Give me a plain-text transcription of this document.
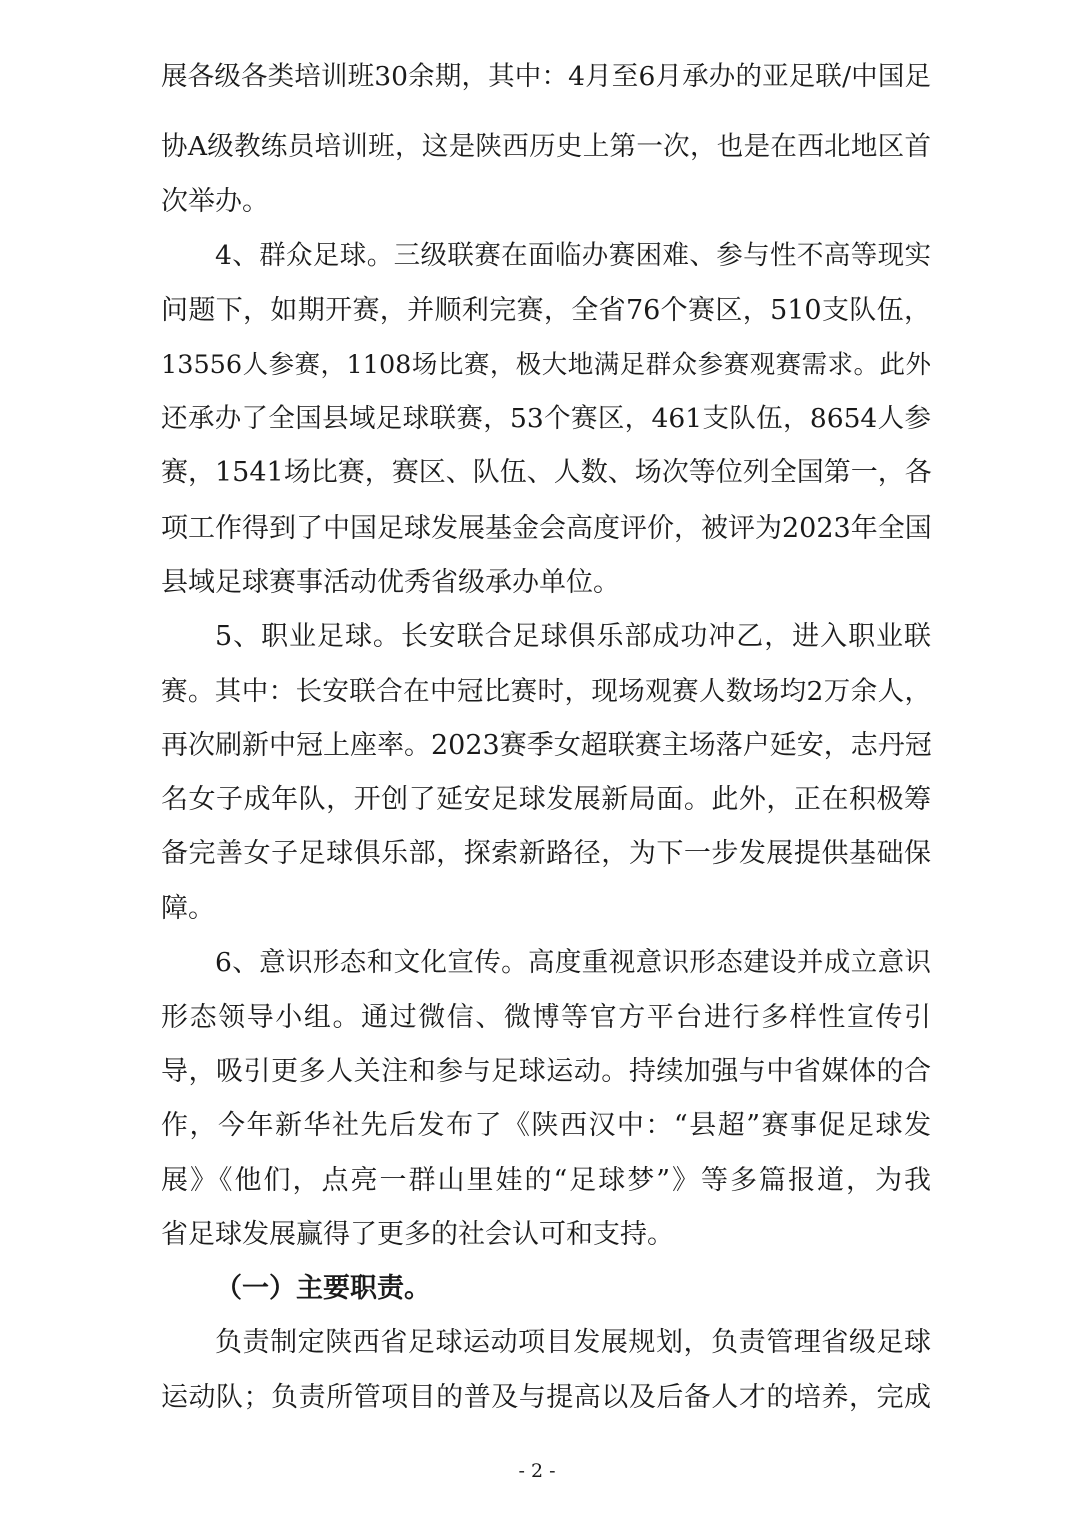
展各级各类培训班30余期，其中：4月至6月承办的亚足联/中国足
协A级教练员培训班，这是陕西历史上第一次，也是在西北地区首
次举办。
4、群众足球。三级联赛在面临办赛困难、参与性不高等现实
问题下，如期开赛，并顺利完赛，全省76个赛区，510支队伍，
13556人参赛，1108场比赛，极大地满足群众参赛观赛需求。此外
还承办了全国县域足球联赛，53个赛区，461支队伍，8654人参
赛，1541场比赛，赛区、队伍、人数、场次等位列全国第一，各
项工作得到了中国足球发展基金会高度评价，被评为2023年全国
县域足球赛事活动优秀省级承办单位。
5、职业足球。长安联合足球俱乐部成功冲乙，进入职业联
赛。其中：长安联合在中冠比赛时，现场观赛人数场均2万余人，
再次刷新中冠上座率。2023赛季女超联赛主场落户延安，志丹冠
名女子成年队，开创了延安足球发展新局面。此外，正在积极筹
备完善女子足球俱乐部，探索新路径，为下一步发展提供基础保
障。
6、意识形态和文化宣传。高度重视意识形态建设并成立意识
形态领导小组。通过微信、微博等官方平台进行多样性宣传引
导，吸引更多人关注和参与足球运动。持续加强与中省媒体的合
作，今年新华社先后发布了《陕西汉中：“县超”赛事促足球发
展》《他们，点亮一群山里娃的“足球梦”》等多篇报道，为我
省足球发展赢得了更多的社会认可和支持。
（一）主要职责。
负责制定陕西省足球运动项目发展规划，负责管理省级足球
运动队；负责所管项目的普及与提高以及后备人才的培养，完成
- 2 -
